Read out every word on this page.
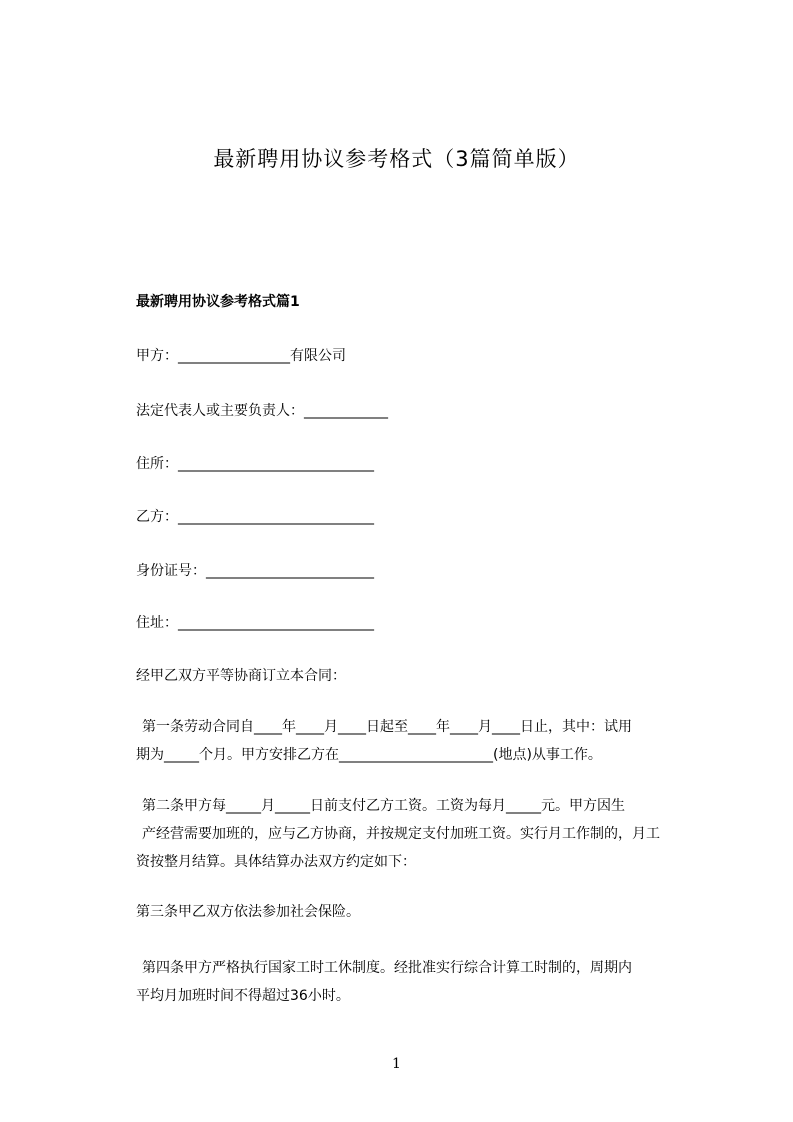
最新聘用协议参考格式（3篇简单版）
最新聘用协议参考格式篇1
甲方：________________有限公司
法定代表人或主要负责人：____________
住所：____________________________
乙方：____________________________
身份证号：________________________
住址：____________________________
经甲乙双方平等协商订立本合同：
第一条劳动合同自____年____月____日起至____年____月____日止，其中：试用
期为_____个月。甲方安排乙方在______________________(地点)从事工作。
第二条甲方每_____月_____日前支付乙方工资。工资为每月_____元。甲方因生
产经营需要加班的，应与乙方协商，并按规定支付加班工资。实行月工作制的，月工
资按整月结算。具体结算办法双方约定如下：
第三条甲乙双方依法参加社会保险。
第四条甲方严格执行国家工时工休制度。经批准实行综合计算工时制的，周期内
平均月加班时间不得超过36小时。
1
